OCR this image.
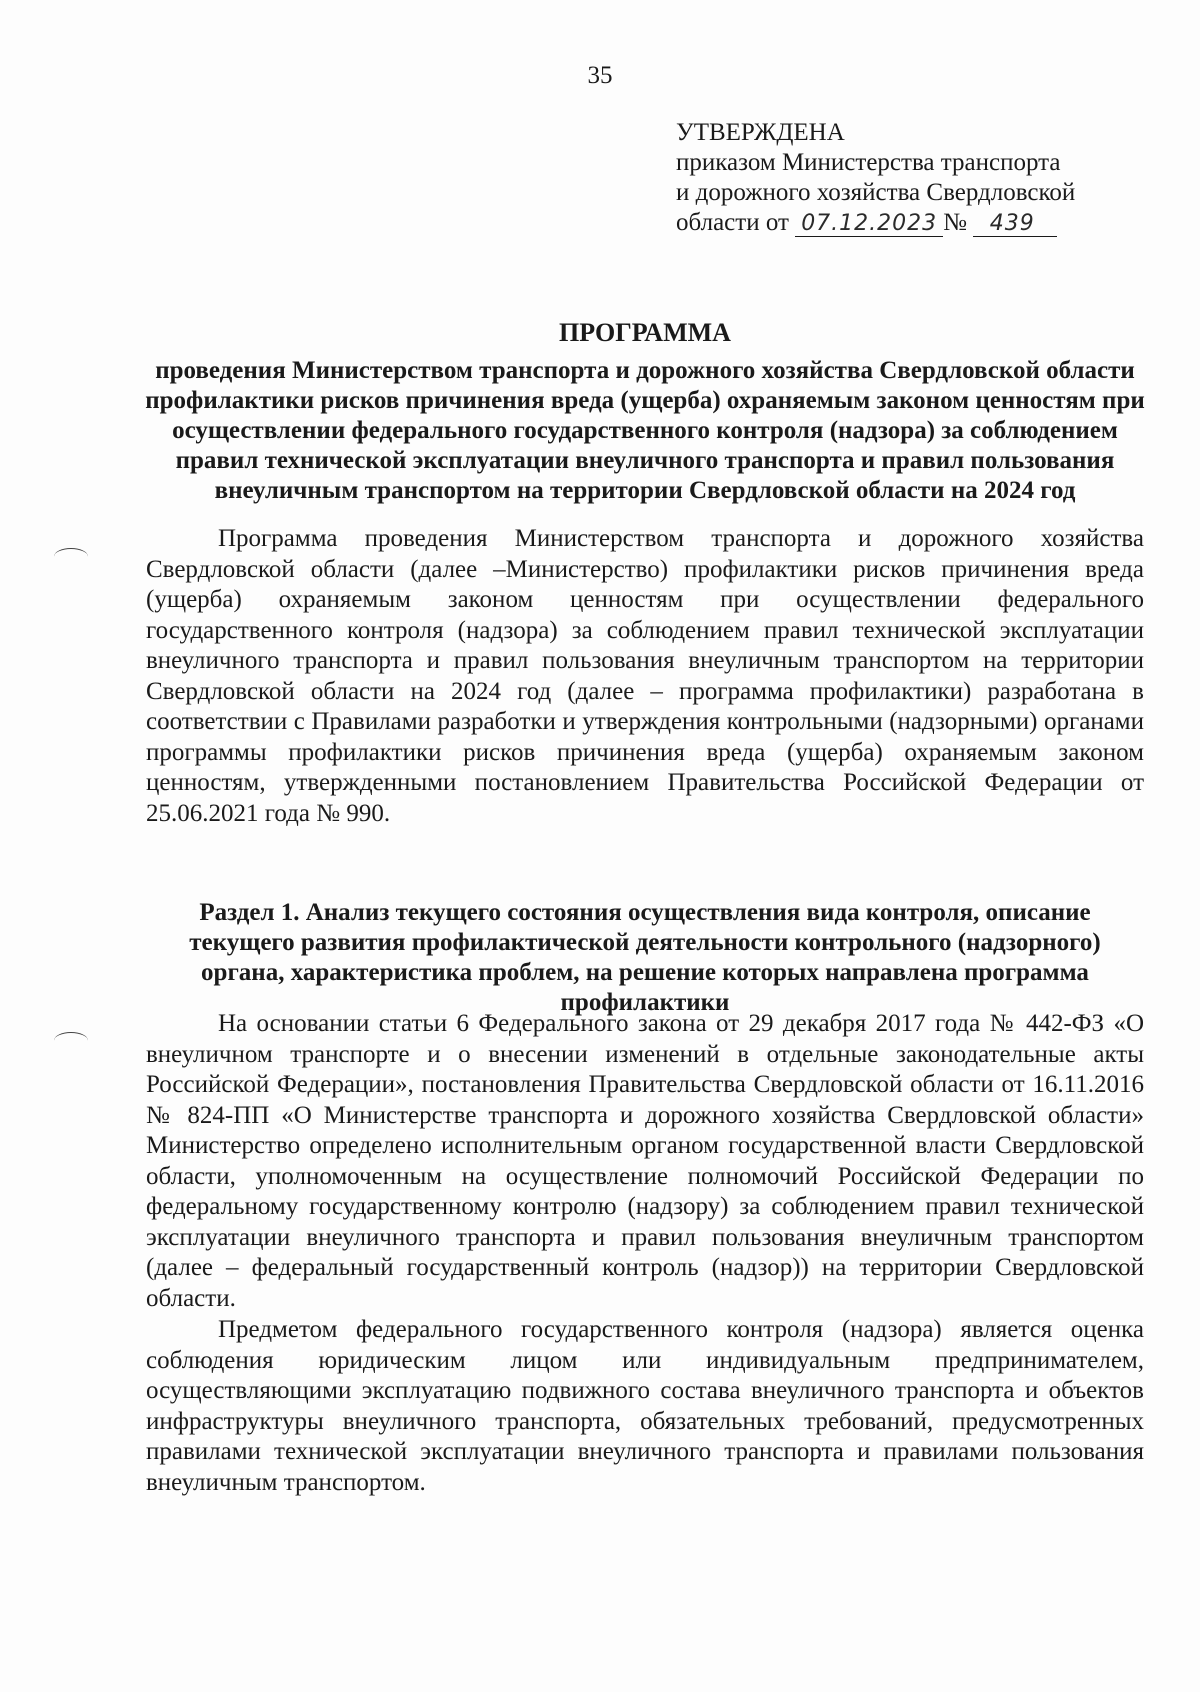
35
УТВЕРЖДЕНА
приказом Министерства транспорта
и дорожного хозяйства Свердловской
области от 07.12.2023 № 439
ПРОГРАММА
проведения Министерством транспорта и дорожного хозяйства Свердловской области профилактики рисков причинения вреда (ущерба) охраняемым законом ценностям при осуществлении федерального государственного контроля (надзора) за соблюдением правил технической эксплуатации внеуличного транспорта и правил пользования внеуличным транспортом на территории Свердловской области на 2024 год

Программа проведения Министерством транспорта и дорожного хозяйства Свердловской области (далее –Министерство) профилактики рисков причинения вреда (ущерба) охраняемым законом ценностям при осуществлении федерального государственного контроля (надзора) за соблюдением правил технической эксплуатации внеуличного транспорта и правил пользования внеуличным транспортом на территории Свердловской области на 2024 год (далее – программа профилактики) разработана в соответствии с Правилами разработки и утверждения контрольными (надзорными) органами программы профилактики рисков причинения вреда (ущерба) охраняемым законом ценностям, утвержденными постановлением Правительства Российской Федерации от 25.06.2021 года № 990.

Раздел 1. Анализ текущего состояния осуществления вида контроля, описание текущего развития профилактической деятельности контрольного (надзорного) органа, характеристика проблем, на решение которых направлена программа профилактики

На основании статьи 6 Федерального закона от 29 декабря 2017 года № 442-ФЗ «О внеуличном транспорте и о внесении изменений в отдельные законодательные акты Российской Федерации», постановления Правительства Свердловской области от 16.11.2016 № 824-ПП «О Министерстве транспорта и дорожного хозяйства Свердловской области» Министерство определено исполнительным органом государственной власти Свердловской области, уполномоченным на осуществление полномочий Российской Федерации по федеральному государственному контролю (надзору) за соблюдением правил технической эксплуатации внеуличного транспорта и правил пользования внеуличным транспортом (далее – федеральный государственный контроль (надзор)) на территории Свердловской области.

Предметом федерального государственного контроля (надзора) является оценка соблюдения юридическим лицом или индивидуальным предпринимателем, осуществляющими эксплуатацию подвижного состава внеуличного транспорта и объектов инфраструктуры внеуличного транспорта, обязательных требований, предусмотренных правилами технической эксплуатации внеуличного транспорта и правилами пользования внеуличным транспортом.
